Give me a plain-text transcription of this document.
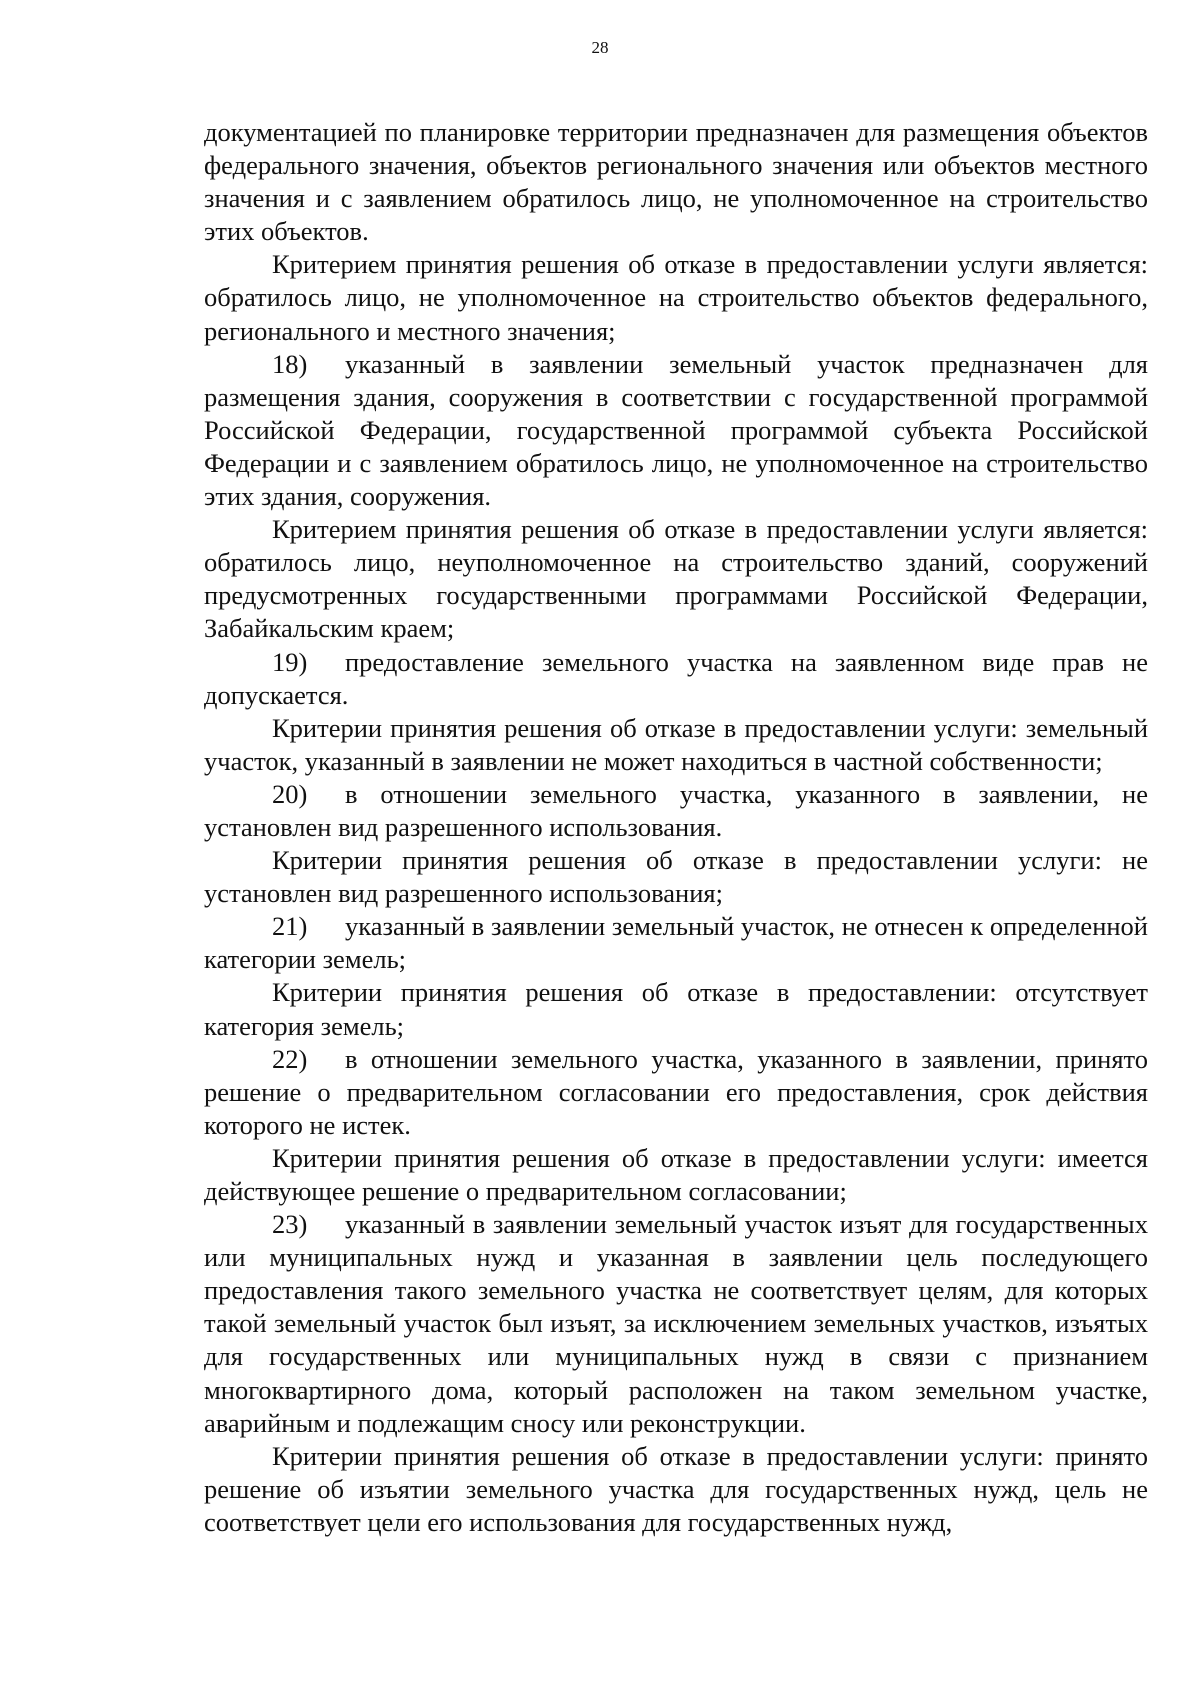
28

документацией по планировке территории предназначен для размещения объектов федерального значения, объектов регионального значения или объектов местного значения и с заявлением обратилось лицо, не уполномоченное на строительство этих объектов.

Критерием принятия решения об отказе в предоставлении услуги является: обратилось лицо, не уполномоченное на строительство объектов федерального, регионального и местного значения;

18) указанный в заявлении земельный участок предназначен для размещения здания, сооружения в соответствии с государственной программой Российской Федерации, государственной программой субъекта Российской Федерации и с заявлением обратилось лицо, не уполномоченное на строительство этих здания, сооружения.

Критерием принятия решения об отказе в предоставлении услуги является: обратилось лицо, неуполномоченное на строительство зданий, сооружений предусмотренных государственными программами Российской Федерации, Забайкальским краем;

19) предоставление земельного участка на заявленном виде прав не допускается.

Критерии принятия решения об отказе в предоставлении услуги: земельный участок, указанный в заявлении не может находиться в частной собственности;

20) в отношении земельного участка, указанного в заявлении, не установлен вид разрешенного использования.

Критерии принятия решения об отказе в предоставлении услуги: не установлен вид разрешенного использования;

21) указанный в заявлении земельный участок, не отнесен к определенной категории земель;

Критерии принятия решения об отказе в предоставлении: отсутствует категория земель;

22) в отношении земельного участка, указанного в заявлении, принято решение о предварительном согласовании его предоставления, срок действия которого не истек.

Критерии принятия решения об отказе в предоставлении услуги: имеется действующее решение о предварительном согласовании;

23) указанный в заявлении земельный участок изъят для государственных или муниципальных нужд и указанная в заявлении цель последующего предоставления такого земельного участка не соответствует целям, для которых такой земельный участок был изъят, за исключением земельных участков, изъятых для государственных или муниципальных нужд в связи с признанием многоквартирного дома, который расположен на таком земельном участке, аварийным и подлежащим сносу или реконструкции.

Критерии принятия решения об отказе в предоставлении услуги: принято решение об изъятии земельного участка для государственных нужд, цель не соответствует цели его использования для государственных нужд,
